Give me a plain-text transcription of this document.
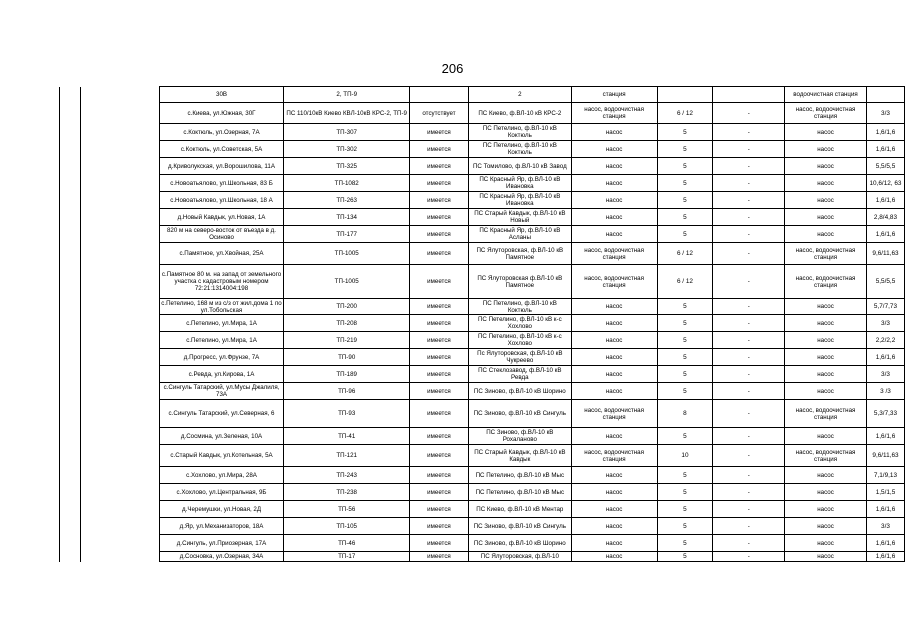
206
		30В	2, ТП-9		2	станция			водоочистная станция	
		с.Киева, ул.Южная, 30Г	ПС 110/10кВ Киево КВЛ-10кВ КРС-2, ТП-9	отсутствует	ПС Киево, ф.ВЛ-10 кВ КРС-2	насос, водоочистная станция	6 / 12	-	насос, водоочистная станция	3/3
		с.Коктюль, ул.Озерная, 7А	ТП-307	имеется	ПС Петелино, ф.ВЛ-10 кВ Коктюль	насос	5	-	насос	1,6/1,6
		с.Коктюль, ул.Советская, 5А	ТП-302	имеется	ПС Петелино, ф.ВЛ-10 кВ Коктюль	насос	5	-	насос	1,6/1,6
		д.Криволукская, ул.Ворошилова, 11А	ТП-325	имеется	ПС Томилово, ф.ВЛ-10 кВ Завод	насос	5	-	насос	5,5/5,5
		с.Новоатьялово, ул.Школьная, 83 Б	ТП-1082	имеется	ПС Красный Яр, ф.ВЛ-10 кВ Ивановка	насос	5	-	насос	10,6/12, 63
		с.Новоатьялово, ул.Школьная, 18 А	ТП-263	имеется	ПС Красный Яр, ф.ВЛ-10 кВ Ивановка	насос	5	-	насос	1,6/1,6
		д.Новый Кавдык, ул.Новая, 1А	ТП-134	имеется	ПС Старый Кавдык, ф.ВЛ-10 кВ Новый	насос	5	-	насос	2,8/4,83
		820 м на северо-восток от въезда в д. Осиново	ТП-177	имеется	ПС Красный Яр, ф.ВЛ-10 кВ Асланы	насос	5	-	насос	1,6/1,6
		с.Памятное, ул.Хвойная, 25А	ТП-1005	имеется	ПС Ялуторовская, ф.ВЛ-10 кВ Памятное	насос, водоочистная станция	6 / 12	-	насос, водоочистная станция	9,6/11,63
		с.Памятное 80 м. на запад от земельного участка с кадастровым номером 72:21:1314004:198	ТП-1005	имеется	ПС Ялуторовская ф.ВЛ-10 кВ Памятное	насос, водоочистная станция	6 / 12	-	насос, водоочистная станция	5,5/5,5
		с.Петелино, 168 м из с/з от жил.дома 1 по ул.Тобольская	ТП-200	имеется	ПС Петелино, ф.ВЛ-10 кВ Коктюль	насос	5	-	насос	5,7/7,73
		с.Петелино, ул.Мира, 1А	ТП-208	имеется	ПС Петелино, ф.ВЛ-10 кВ к-с Хохлово	насос	5	-	насос	3/3
		с.Петелино, ул.Мира, 1А	ТП-219	имеется	ПС Петелино, ф.ВЛ-10 кВ к-с Хохлово	насос	5	-	насос	2,2/2,2
		д.Прогресс, ул.Фрунзе, 7А	ТП-90	имеется	Пс Ялуторовская, ф.ВЛ-10 кВ Чукреево	насос	5	-	насос	1,6/1,6
		с.Ревда, ул.Кирова, 1А	ТП-189	имеется	ПС Стеклозавод, ф.ВЛ-10 кВ Ревда	насос	5	-	насос	3/3
		с.Сингуль Татарский, ул.Мусы Джалиля, 73А	ТП-96	имеется	ПС Зиново, ф.ВЛ-10 кВ Шорино	насос	5	-	насос	3 /3
		с.Сингуль Татарский, ул.Северная, 6	ТП-93	имеется	ПС Зиново, ф.ВЛ-10 кВ Сингуль	насос, водоочистная станция	8	-	насос, водоочистная станция	5,3/7,33
		д.Сосмина, ул.Зеленая, 10А	ТП-41	имеется	ПС Зиново, ф.ВЛ-10 кВ Рохаланово	насос	5	-	насос	1,6/1,6
		с.Старый Кавдык, ул.Котельная, 5А	ТП-121	имеется	ПС Старый Кавдык, ф.ВЛ-10 кВ Кавдык	насос, водоочистная станция	10	-	насос, водоочистная станция	9,6/11,63
		с.Хохлово, ул.Мира, 28А	ТП-243	имеется	ПС Петелино, ф.ВЛ-10 кВ Мыс	насос	5	-	насос	7,1/9,13
		с.Хохлово, ул.Центральная, 9Б	ТП-238	имеется	ПС Петелино, ф.ВЛ-10 кВ Мыс	насос	5	-	насос	1,5/1,5
		д.Черемушки, ул.Новая, 2Д	ТП-56	имеется	ПС Киево, ф.ВЛ-10 кВ Ментар	насос	5	-	насос	1,6/1,6
		д.Яр, ул.Механизаторов, 18А	ТП-105	имеется	ПС Зиново, ф.ВЛ-10 кВ Сингуль	насос	5	-	насос	3/3
		д.Сингуль, ул.Приозерная, 17А	ТП-46	имеется	ПС Зиново, ф.ВЛ-10 кВ Шорино	насос	5	-	насос	1,6/1,6
		д.Сосновка, ул.Озерная, 34А	ТП-17	имеется	ПС Ялуторовская, ф.ВЛ-10	насос	5	-	насос	1,6/1,6
